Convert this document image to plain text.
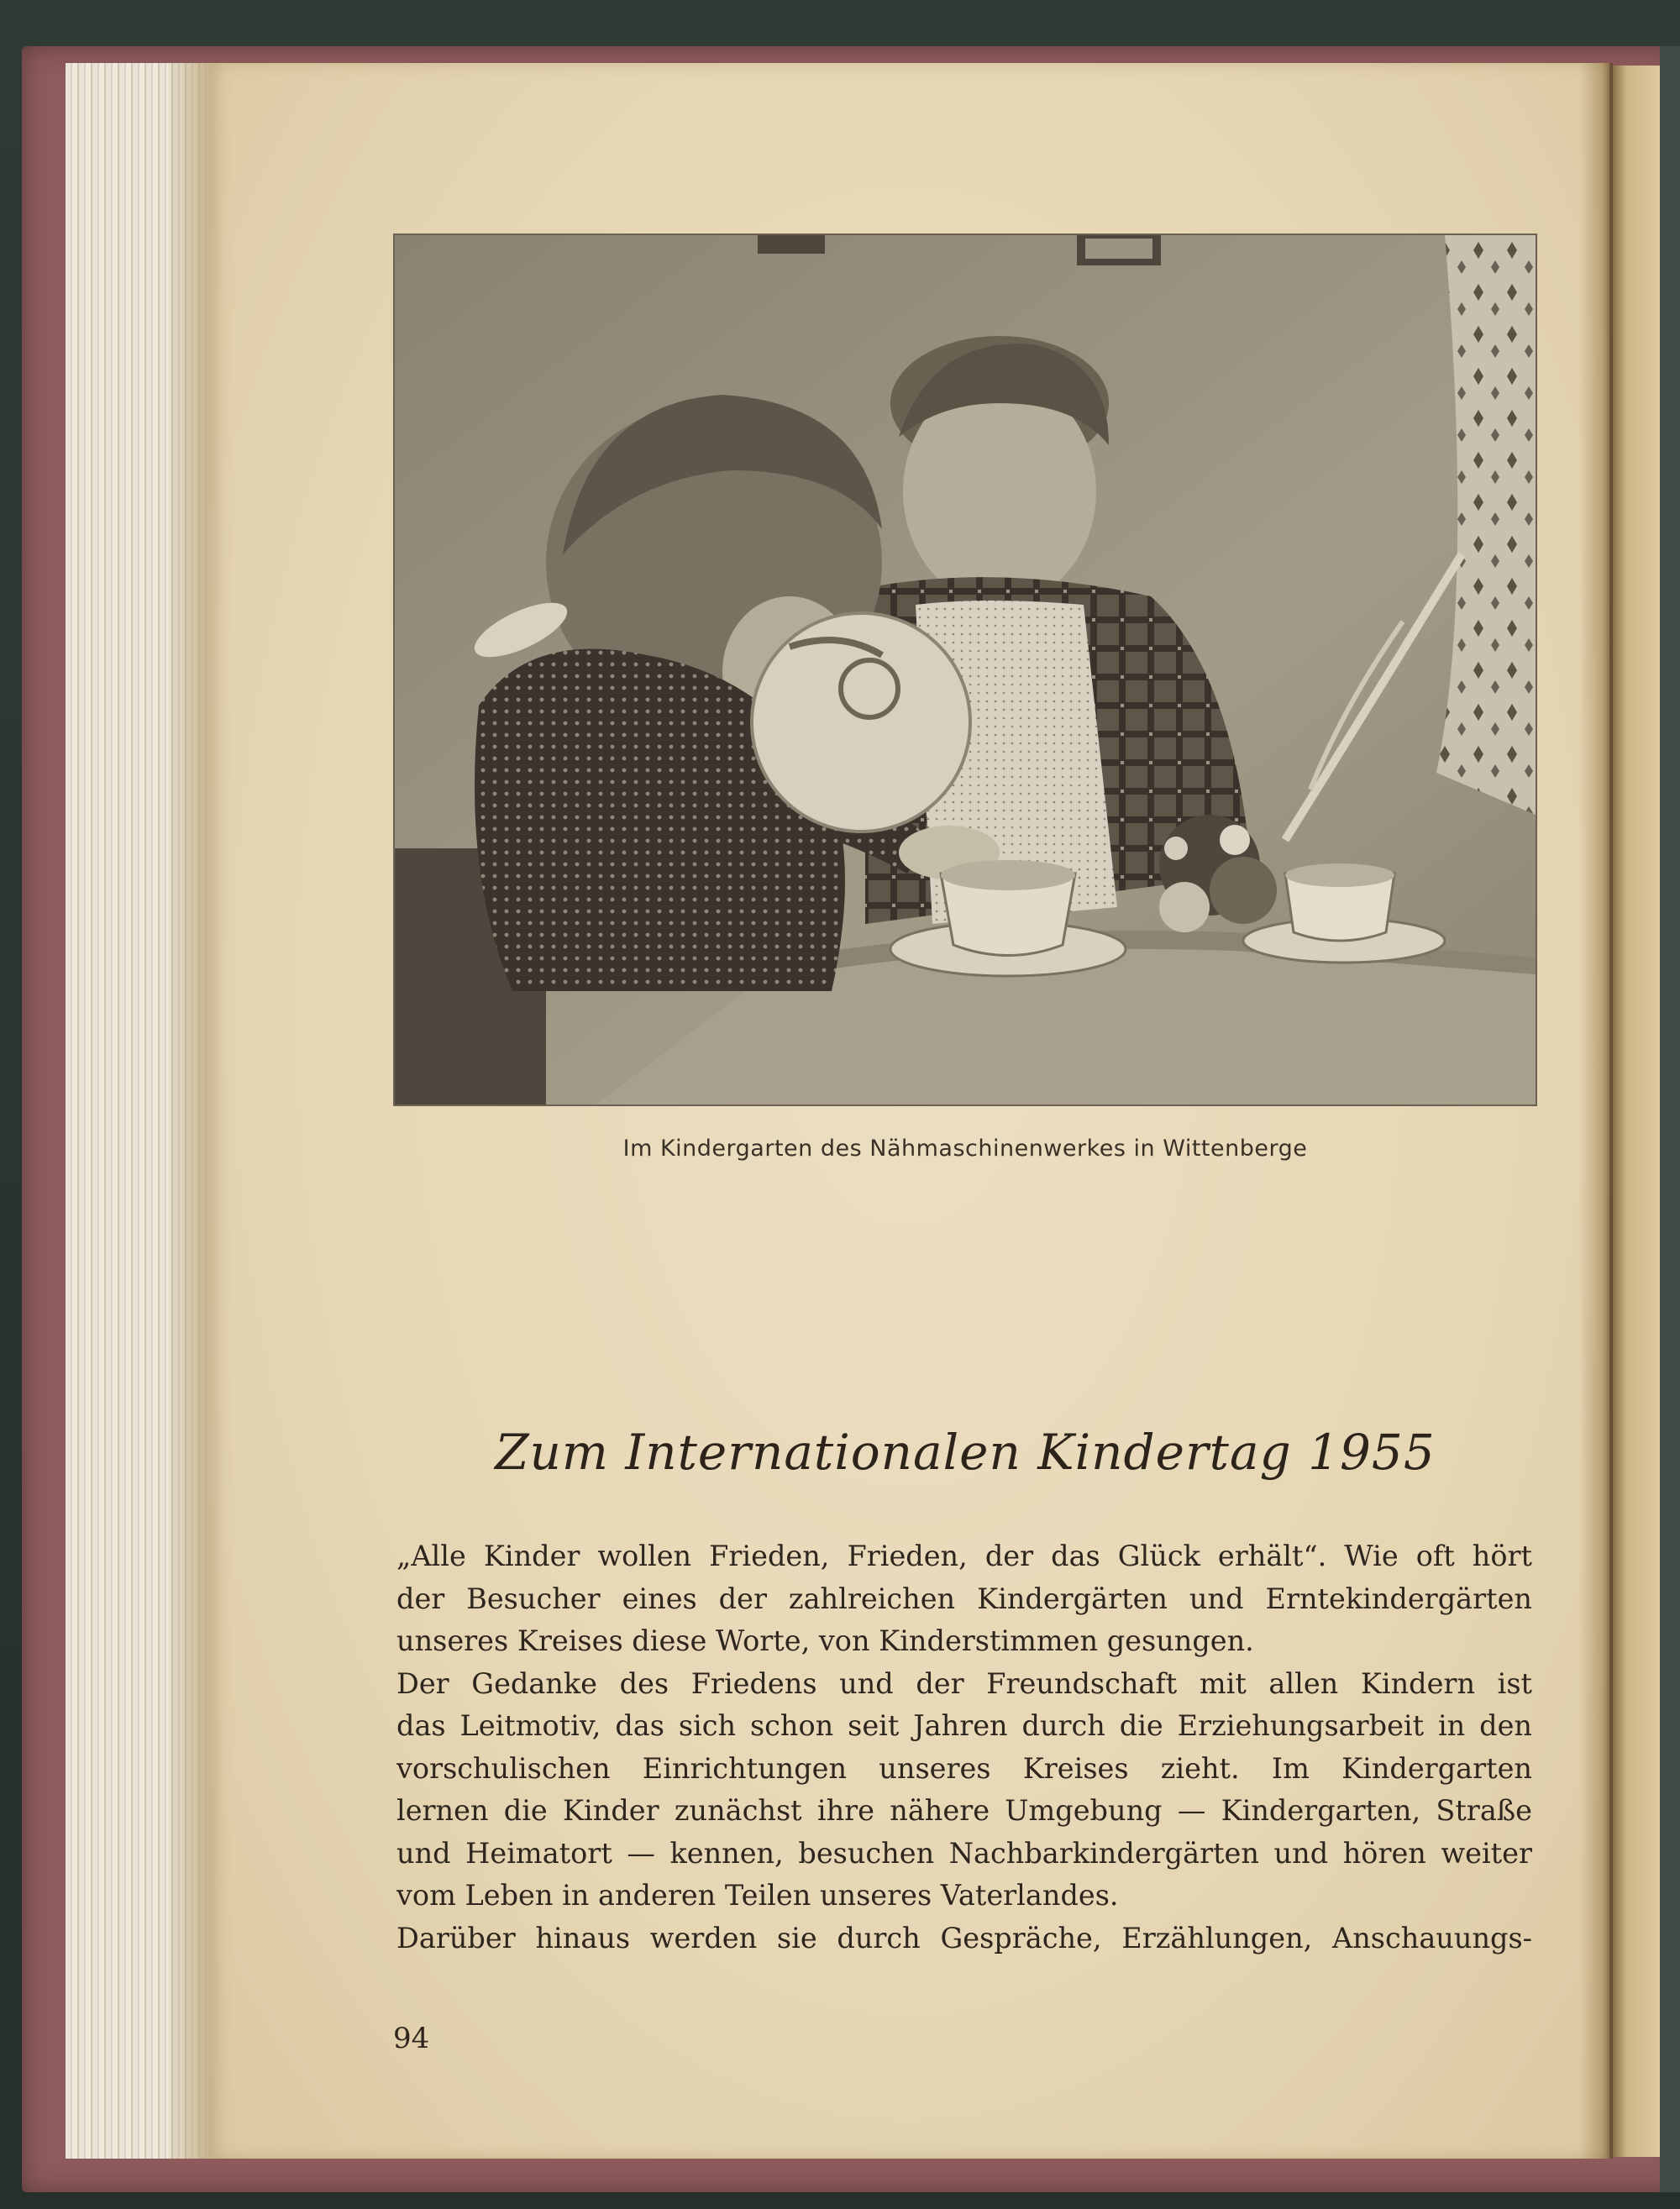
Im Kindergarten des Nähmaschinenwerkes in Wittenberge
Zum Internationalen Kindertag 1955
„Alle Kinder wollen Frieden, Frieden, der das Glück erhält“. Wie oft hört
der Besucher eines der zahlreichen Kindergärten und Erntekindergärten
unseres Kreises diese Worte, von Kinderstimmen gesungen.
Der Gedanke des Friedens und der Freundschaft mit allen Kindern ist
das Leitmotiv, das sich schon seit Jahren durch die Erziehungsarbeit in den
vorschulischen Einrichtungen unseres Kreises zieht. Im Kindergarten
lernen die Kinder zunächst ihre nähere Umgebung — Kindergarten, Straße
und Heimatort — kennen, besuchen Nachbarkindergärten und hören weiter
vom Leben in anderen Teilen unseres Vaterlandes.
Darüber hinaus werden sie durch Gespräche, Erzählungen, Anschauungs-
94
